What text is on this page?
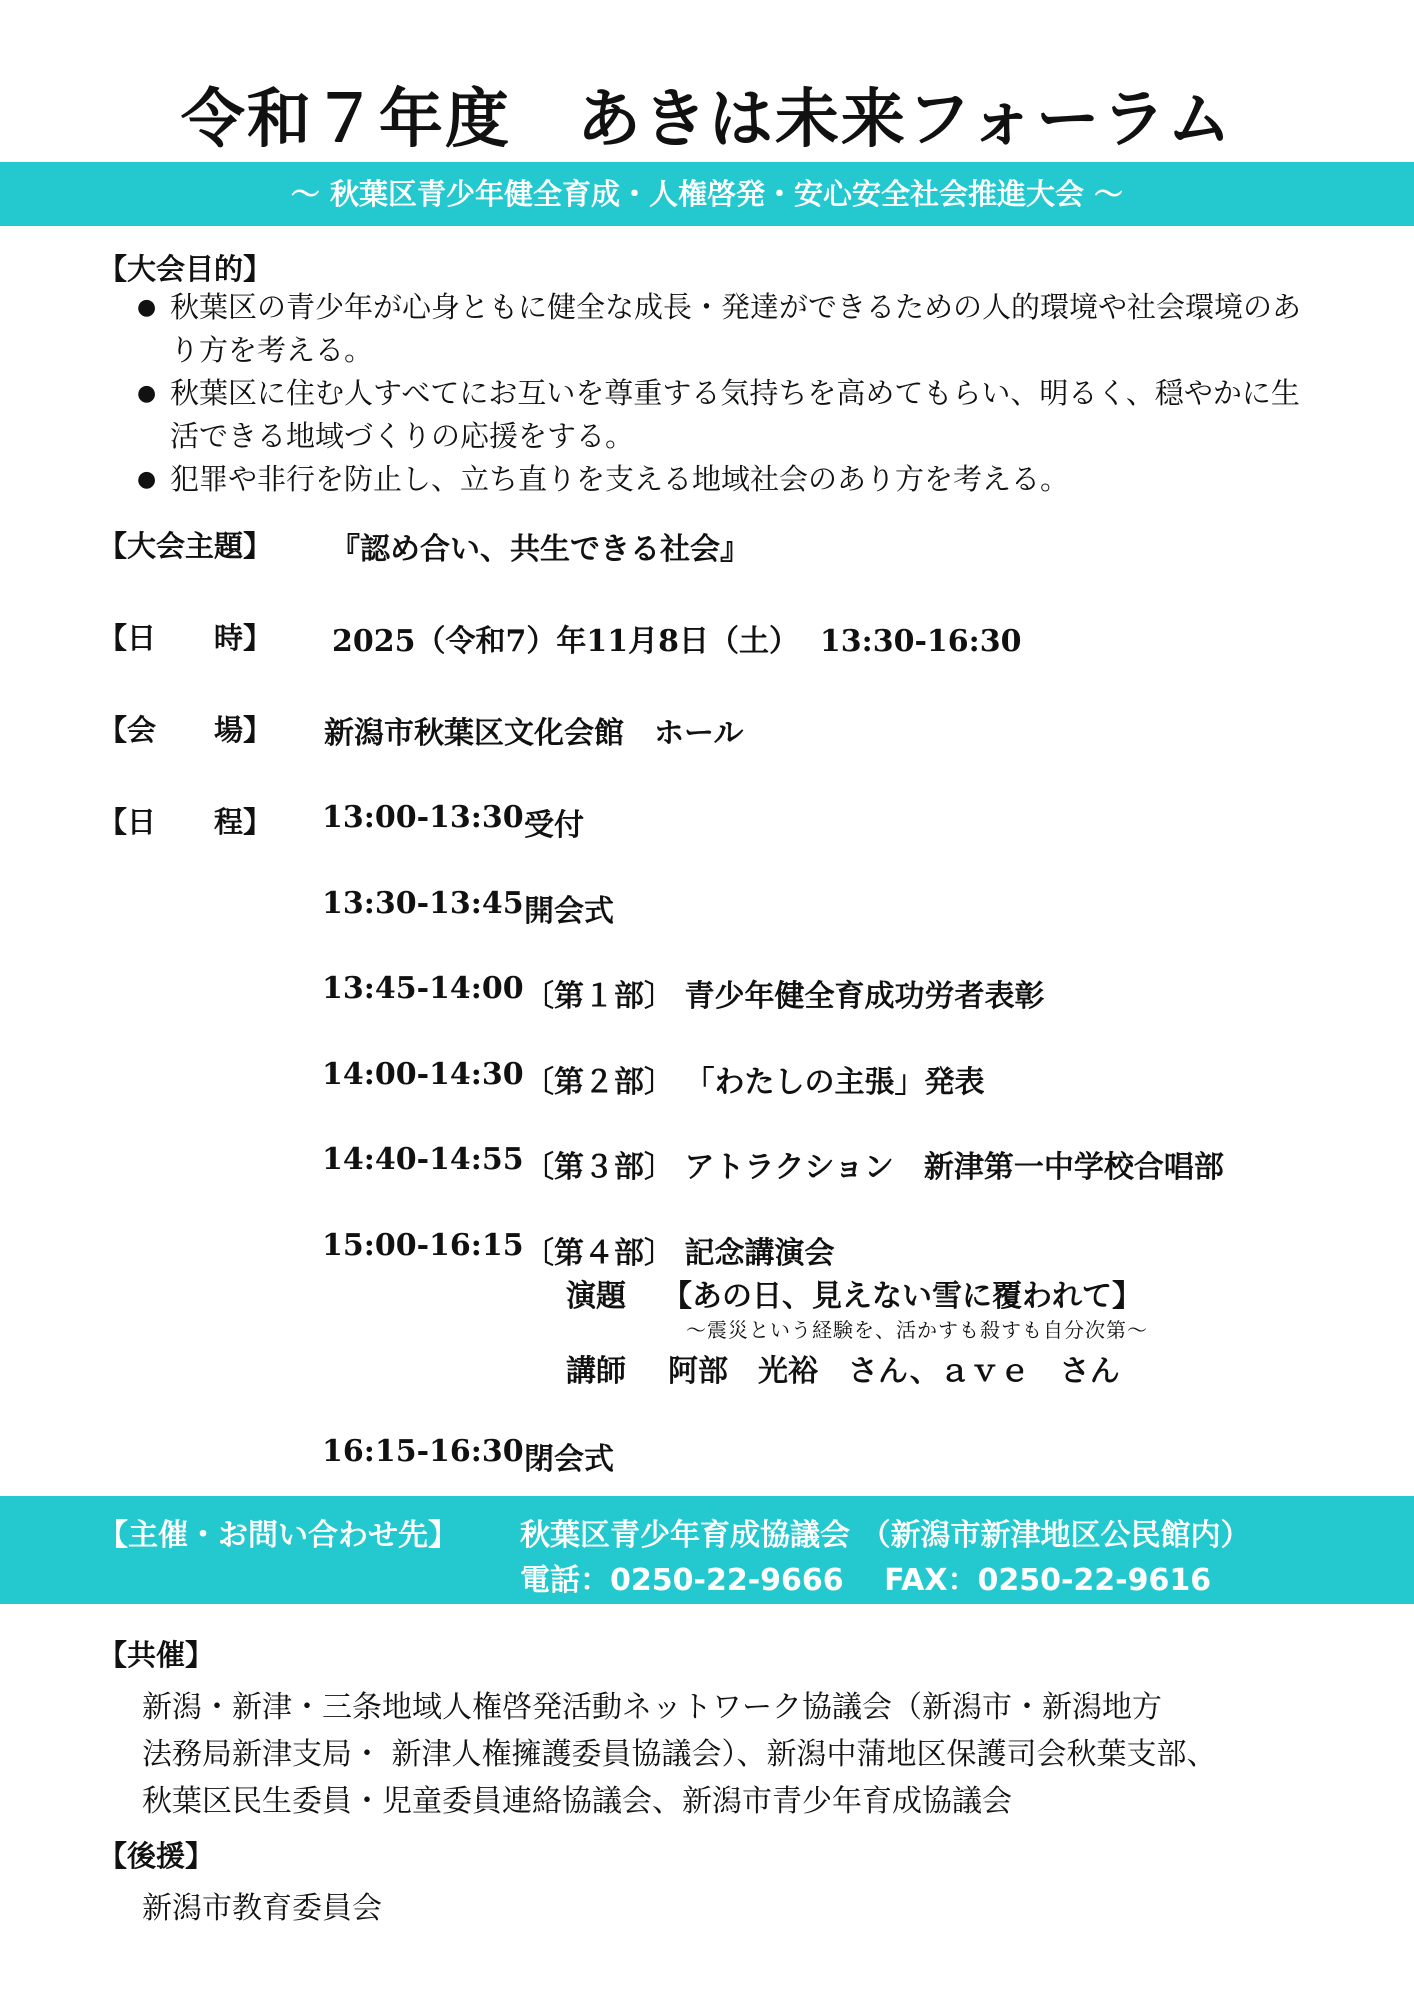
令和７年度　あきは未来フォーラム
～ 秋葉区青少年健全育成・人権啓発・安心安全社会推進大会 ～
【大会目的】
● 秋葉区の青少年が心身ともに健全な成長・発達ができるための人的環境や社会環境のあり方を考える。
● 秋葉区に住む人すべてにお互いを尊重する気持ちを高めてもらい、明るく、穏やかに生活できる地域づくりの応援をする。
● 犯罪や非行を防止し、立ち直りを支える地域社会のあり方を考える。
【大会主題】 『認め合い、共生できる社会』
【日　　時】 2025（令和7）年11月8日（土）  13:30-16:30
【会　　場】 新潟市秋葉区文化会館　ホール
【日　　程】 13:00-13:30 受付
13:30-13:45 開会式
13:45-14:00 〔第１部〕 青少年健全育成功労者表彰
14:00-14:30 〔第２部〕 「わたしの主張」発表
14:40-14:55 〔第３部〕 アトラクション　新津第一中学校合唱部
15:00-16:15 〔第４部〕 記念講演会
演題 【あの日、見えない雪に覆われて】
～震災という経験を、活かすも殺すも自分次第～
講師 阿部　光裕　さん、ａｖｅ　さん
16:15-16:30 閉会式
【主催・お問い合わせ先】 秋葉区青少年育成協議会 （新潟市新津地区公民館内）
電話：0250-22-9666　 FAX：0250-22-9616
【共催】
新潟・新津・三条地域人権啓発活動ネットワーク協議会（新潟市・新潟地方
法務局新津支局・ 新津人権擁護委員協議会）、新潟中蒲地区保護司会秋葉支部、
秋葉区民生委員・児童委員連絡協議会、新潟市青少年育成協議会
【後援】
新潟市教育委員会
